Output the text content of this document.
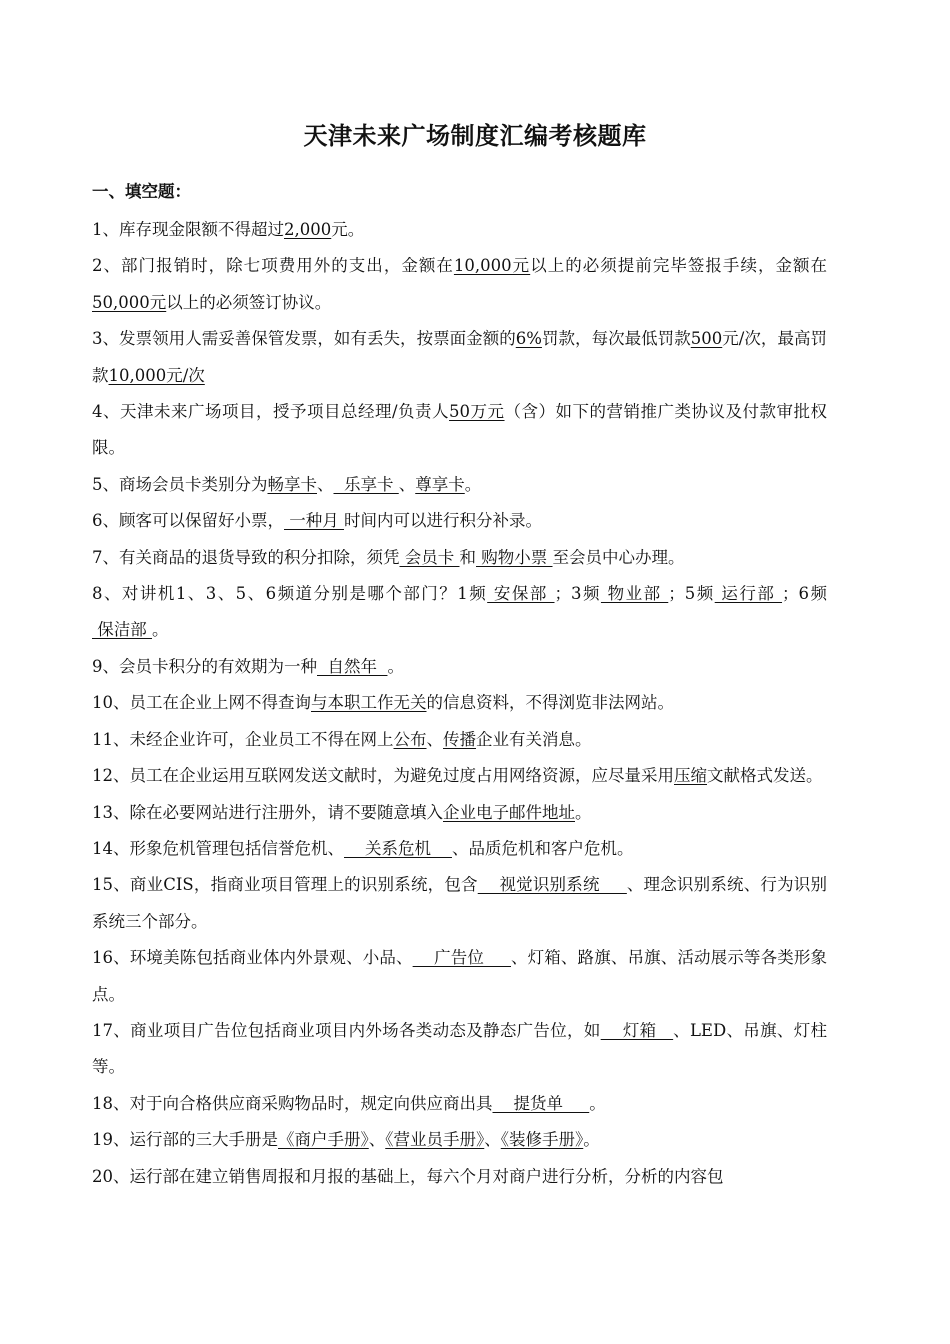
天津未来广场制度汇编考核题库
一、填空题：

1、库存现金限额不得超过2,000元。

2、部门报销时，除七项费用外的支出，金额在10,000元以上的必须提前完毕签报手续，金额在50,000元以上的必须签订协议。

3、发票领用人需妥善保管发票，如有丢失，按票面金额的6%罚款，每次最低罚款500元/次，最高罚款10,000元/次

4、天津未来广场项目，授予项目总经理/负责人50万元（含）如下的营销推广类协议及付款审批权限。

5、商场会员卡类别分为畅享卡、  乐享卡 、尊享卡。

6、顾客可以保留好小票， 一种月 时间内可以进行积分补录。

7、有关商品的退货导致的积分扣除，须凭 会员卡 和 购物小票 至会员中心办理。

8、对讲机1、3、5、6频道分别是哪个部门？1频 安保部 ；3频 物业部 ；5频 运行部 ；6频 保洁部 。

9、会员卡积分的有效期为一种  自然年  。

10、员工在企业上网不得查询与本职工作无关的信息资料，不得浏览非法网站。

11、未经企业许可，企业员工不得在网上公布、传播企业有关消息。

12、员工在企业运用互联网发送文献时，为避免过度占用网络资源，应尽量采用压缩文献格式发送。

13、除在必要网站进行注册外，请不要随意填入企业电子邮件地址。

14、形象危机管理包括信誉危机、    关系危机    、品质危机和客户危机。

15、商业CIS，指商业项目管理上的识别系统，包含    视觉识别系统     、理念识别系统、行为识别系统三个部分。

16、环境美陈包括商业体内外景观、小品、    广告位     、灯箱、路旗、吊旗、活动展示等各类形象点。

17、商业项目广告位包括商业项目内外场各类动态及静态广告位，如    灯箱   、LED、吊旗、灯柱等。

18、对于向合格供应商采购物品时，规定向供应商出具    提货单     。

19、运行部的三大手册是《商户手册》、《营业员手册》、《装修手册》。

20、运行部在建立销售周报和月报的基础上，每六个月对商户进行分析，分析的内容包
